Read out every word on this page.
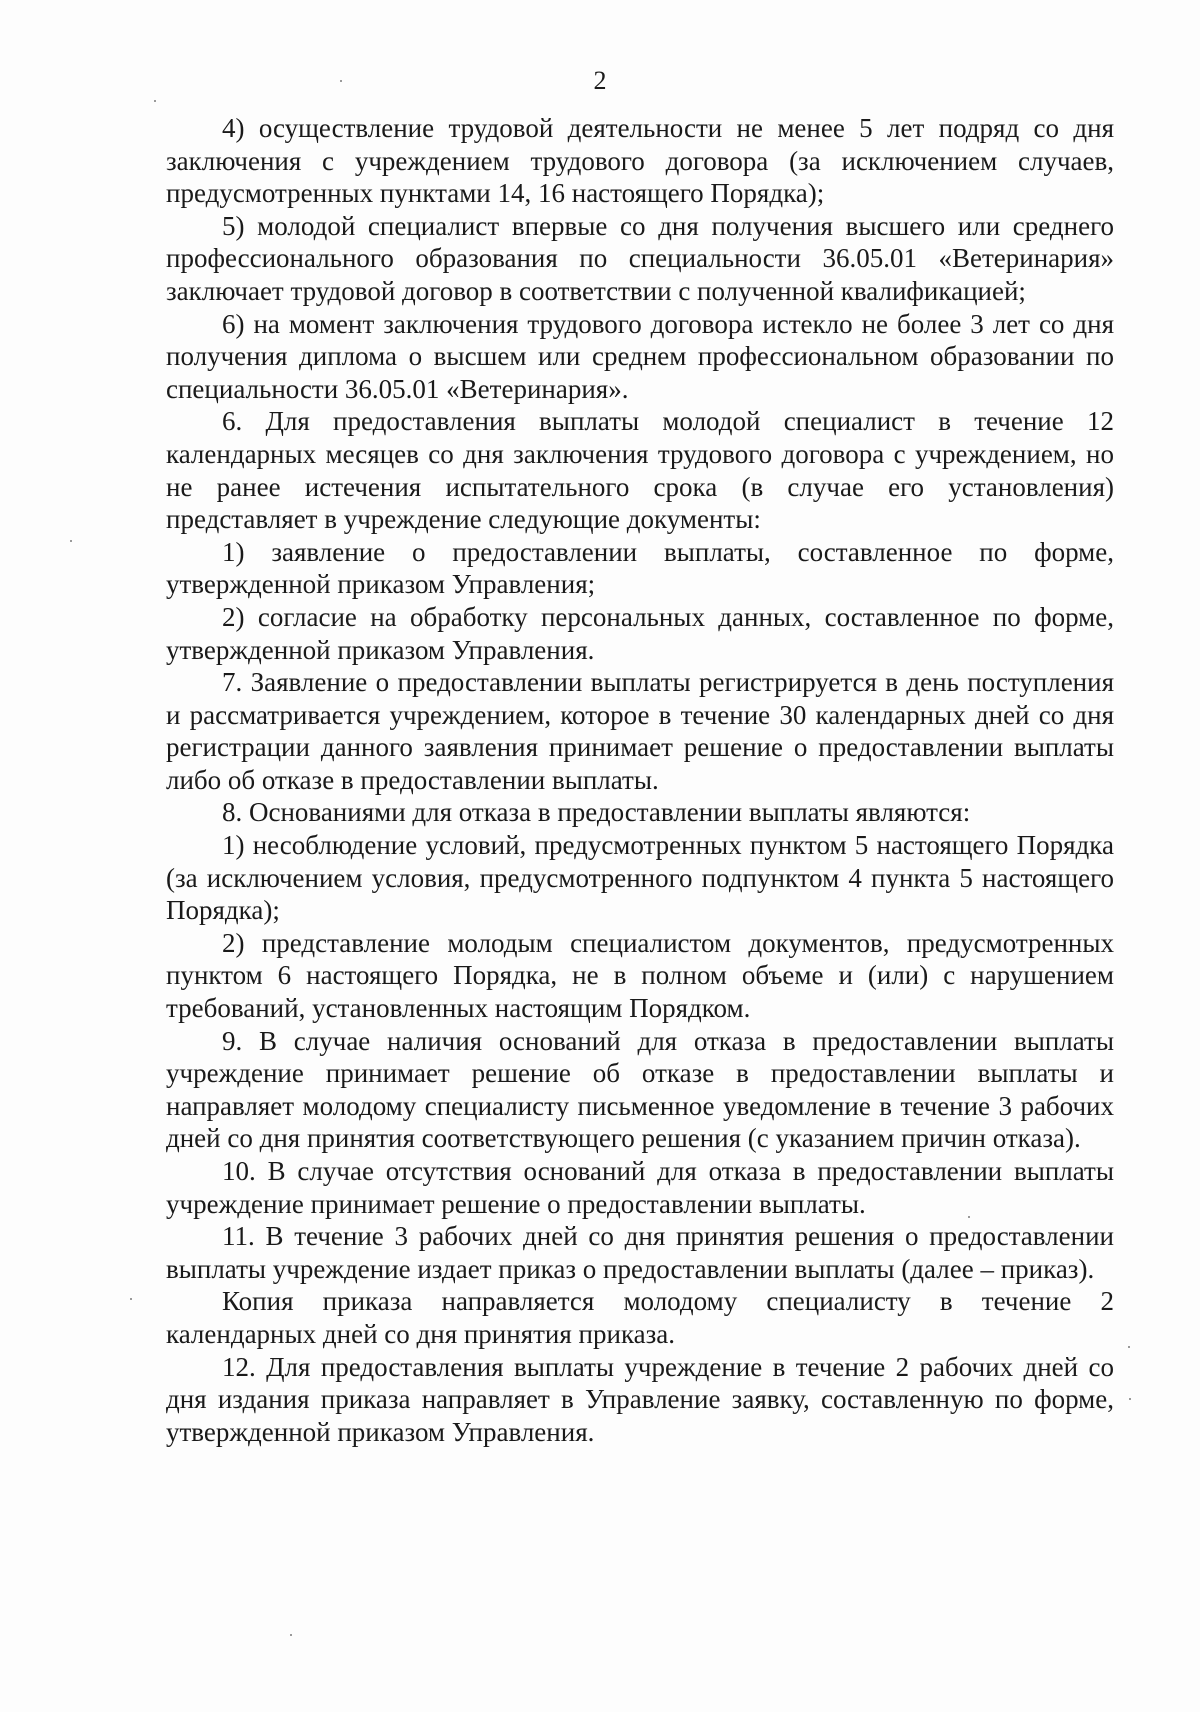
2

4) осуществление трудовой деятельности не менее 5 лет подряд со дня заключения с учреждением трудового договора (за исключением случаев, предусмотренных пунктами 14, 16 настоящего Порядка);

5) молодой специалист впервые со дня получения высшего или среднего профессионального образования по специальности 36.05.01 «Ветеринария» заключает трудовой договор в соответствии с полученной квалификацией;

6) на момент заключения трудового договора истекло не более 3 лет со дня получения диплома о высшем или среднем профессиональном образовании по специальности 36.05.01 «Ветеринария».

6. Для предоставления выплаты молодой специалист в течение 12 календарных месяцев со дня заключения трудового договора с учреждением, но не ранее истечения испытательного срока (в случае его установления) представляет в учреждение следующие документы:

1) заявление о предоставлении выплаты, составленное по форме, утвержденной приказом Управления;

2) согласие на обработку персональных данных, составленное по форме, утвержденной приказом Управления.

7. Заявление о предоставлении выплаты регистрируется в день поступления и рассматривается учреждением, которое в течение 30 календарных дней со дня регистрации данного заявления принимает решение о предоставлении выплаты либо об отказе в предоставлении выплаты.

8. Основаниями для отказа в предоставлении выплаты являются:

1) несоблюдение условий, предусмотренных пунктом 5 настоящего Порядка (за исключением условия, предусмотренного подпунктом 4 пункта 5 настоящего Порядка);

2) представление молодым специалистом документов, предусмотренных пунктом 6 настоящего Порядка, не в полном объеме и (или) с нарушением требований, установленных настоящим Порядком.

9. В случае наличия оснований для отказа в предоставлении выплаты учреждение принимает решение об отказе в предоставлении выплаты и направляет молодому специалисту письменное уведомление в течение 3 рабочих дней со дня принятия соответствующего решения (с указанием причин отказа).

10. В случае отсутствия оснований для отказа в предоставлении выплаты учреждение принимает решение о предоставлении выплаты.

11. В течение 3 рабочих дней со дня принятия решения о предоставлении выплаты учреждение издает приказ о предоставлении выплаты (далее – приказ).

Копия приказа направляется молодому специалисту в течение 2 календарных дней со дня принятия приказа.

12. Для предоставления выплаты учреждение в течение 2 рабочих дней со дня издания приказа направляет в Управление заявку, составленную по форме, утвержденной приказом Управления.
